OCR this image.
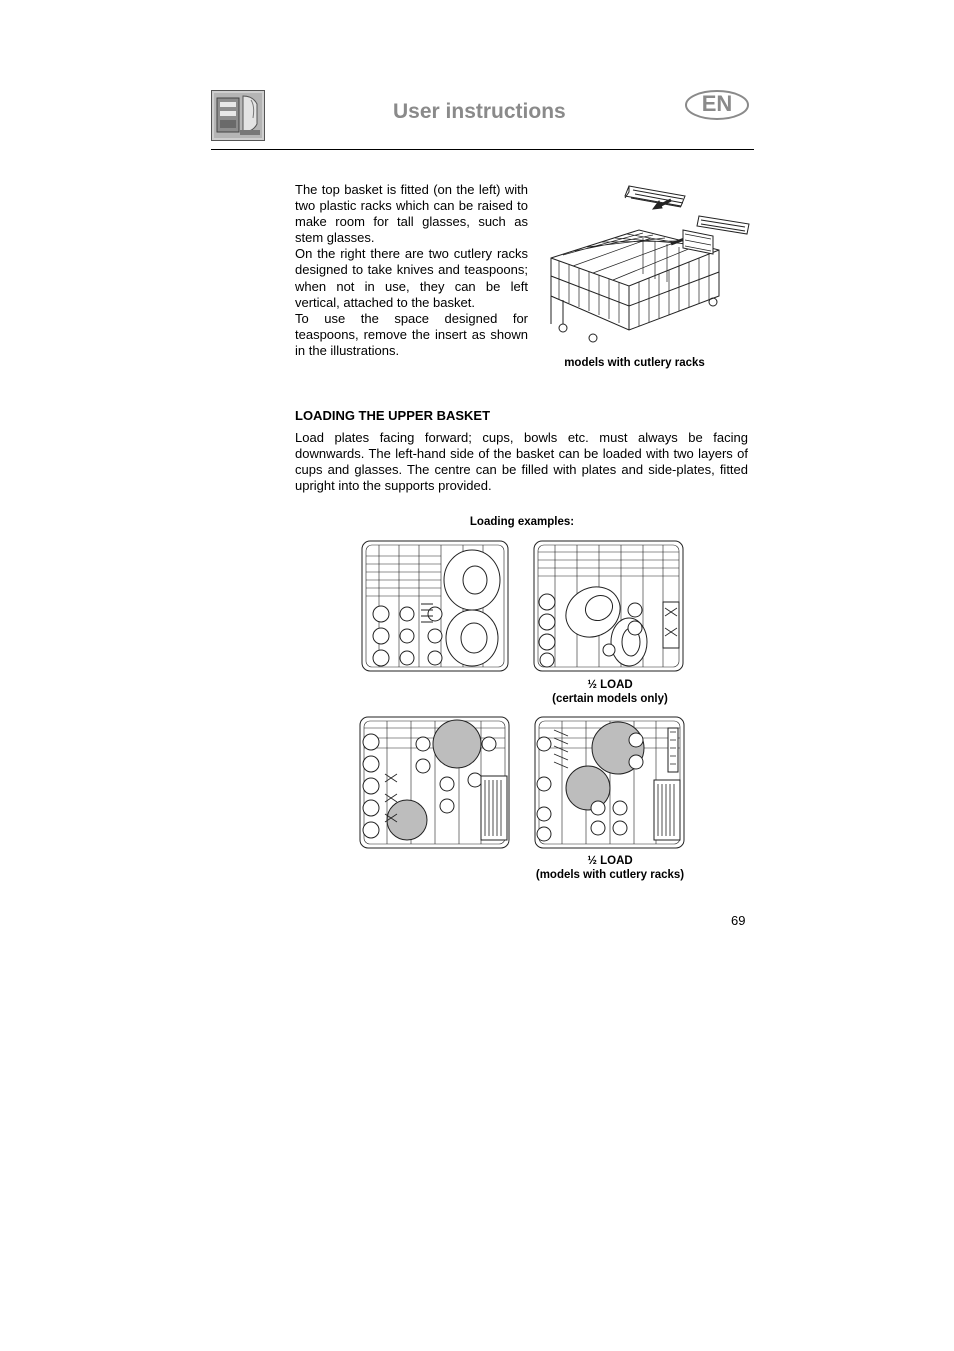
User instructions	EN

The top basket is fitted (on the left) with two plastic racks which can be raised to make room for tall glasses, such as stem glasses.

On the right there are two cutlery racks designed to take knives and teaspoons; when not in use, they can be left vertical, attached to the basket.

To use the space designed for teaspoons, remove the insert as shown in the illustrations.

models with cutlery racks
LOADING THE UPPER BASKET
Load plates facing forward; cups, bowls etc. must always be facing downwards. The left-hand side of the basket can be loaded with two layers of cups and glasses. The centre can be filled with plates and side-plates, fitted upright into the supports provided.
Loading examples:
½ LOAD
(certain models only)
½ LOAD
(models with cutlery racks)
69
